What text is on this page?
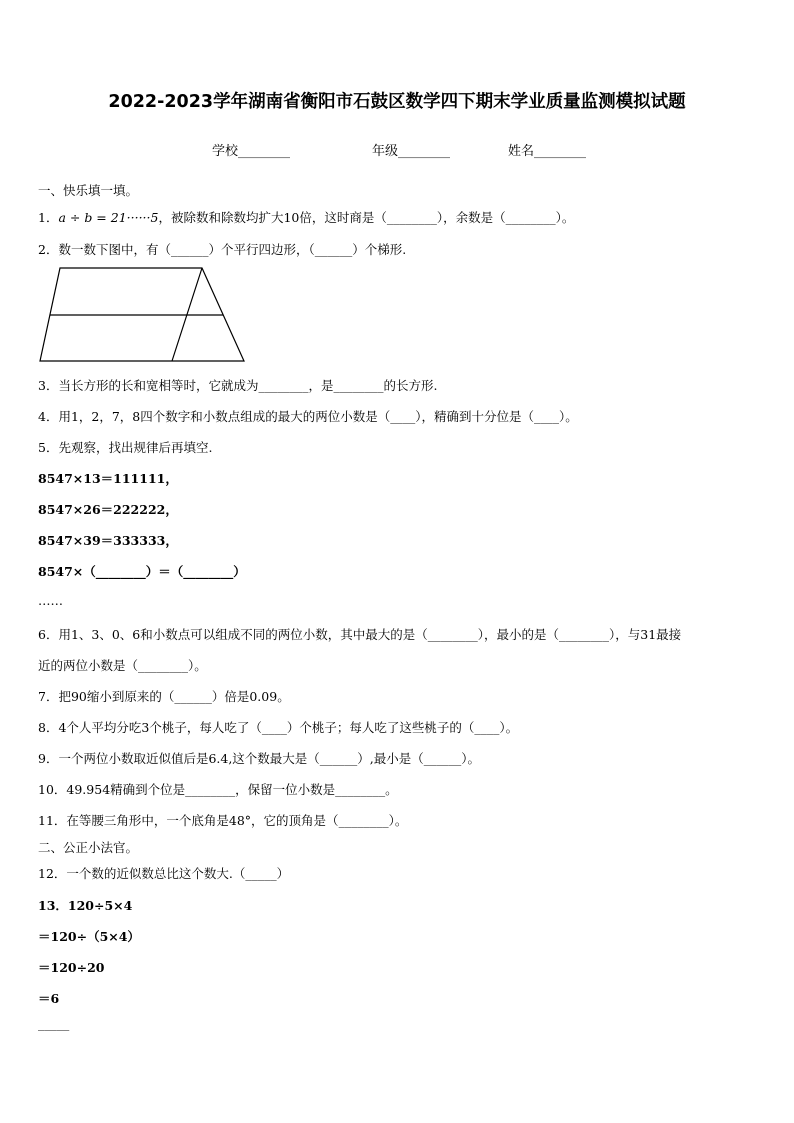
2022-2023学年湖南省衡阳市石鼓区数学四下期末学业质量监测模拟试题
学校________	年级________	姓名________
一、快乐填一填。
1．a ÷ b = 21······5，被除数和除数均扩大10倍，这时商是（________），余数是（________）。
2．数一数下图中，有（______）个平行四边形，（______）个梯形.
3．当长方形的长和宽相等时，它就成为________，是________的长方形.
4．用1，2，7，8四个数字和小数点组成的最大的两位小数是（____），精确到十分位是（____）。
5．先观察，找出规律后再填空.
8547×13＝111111，
8547×26＝222222，
8547×39＝333333，
8547×（________）＝（________）
……
6．用1、3、0、6和小数点可以组成不同的两位小数，其中最大的是（________），最小的是（________），与31最接
近的两位小数是（________）。
7．把90缩小到原来的（______）倍是0.09。
8．4个人平均分吃3个桃子，每人吃了（____）个桃子；每人吃了这些桃子的（____）。
9．一个两位小数取近似值后是6.4,这个数最大是（______）,最小是（______）。
10．49.954精确到个位是________，保留一位小数是________。
11．在等腰三角形中，一个底角是48°，它的顶角是（________）。
二、公正小法官。
12．一个数的近似数总比这个数大.（_____）
13．120÷5×4
＝120÷（5×4）
＝120÷20
＝6
_____
